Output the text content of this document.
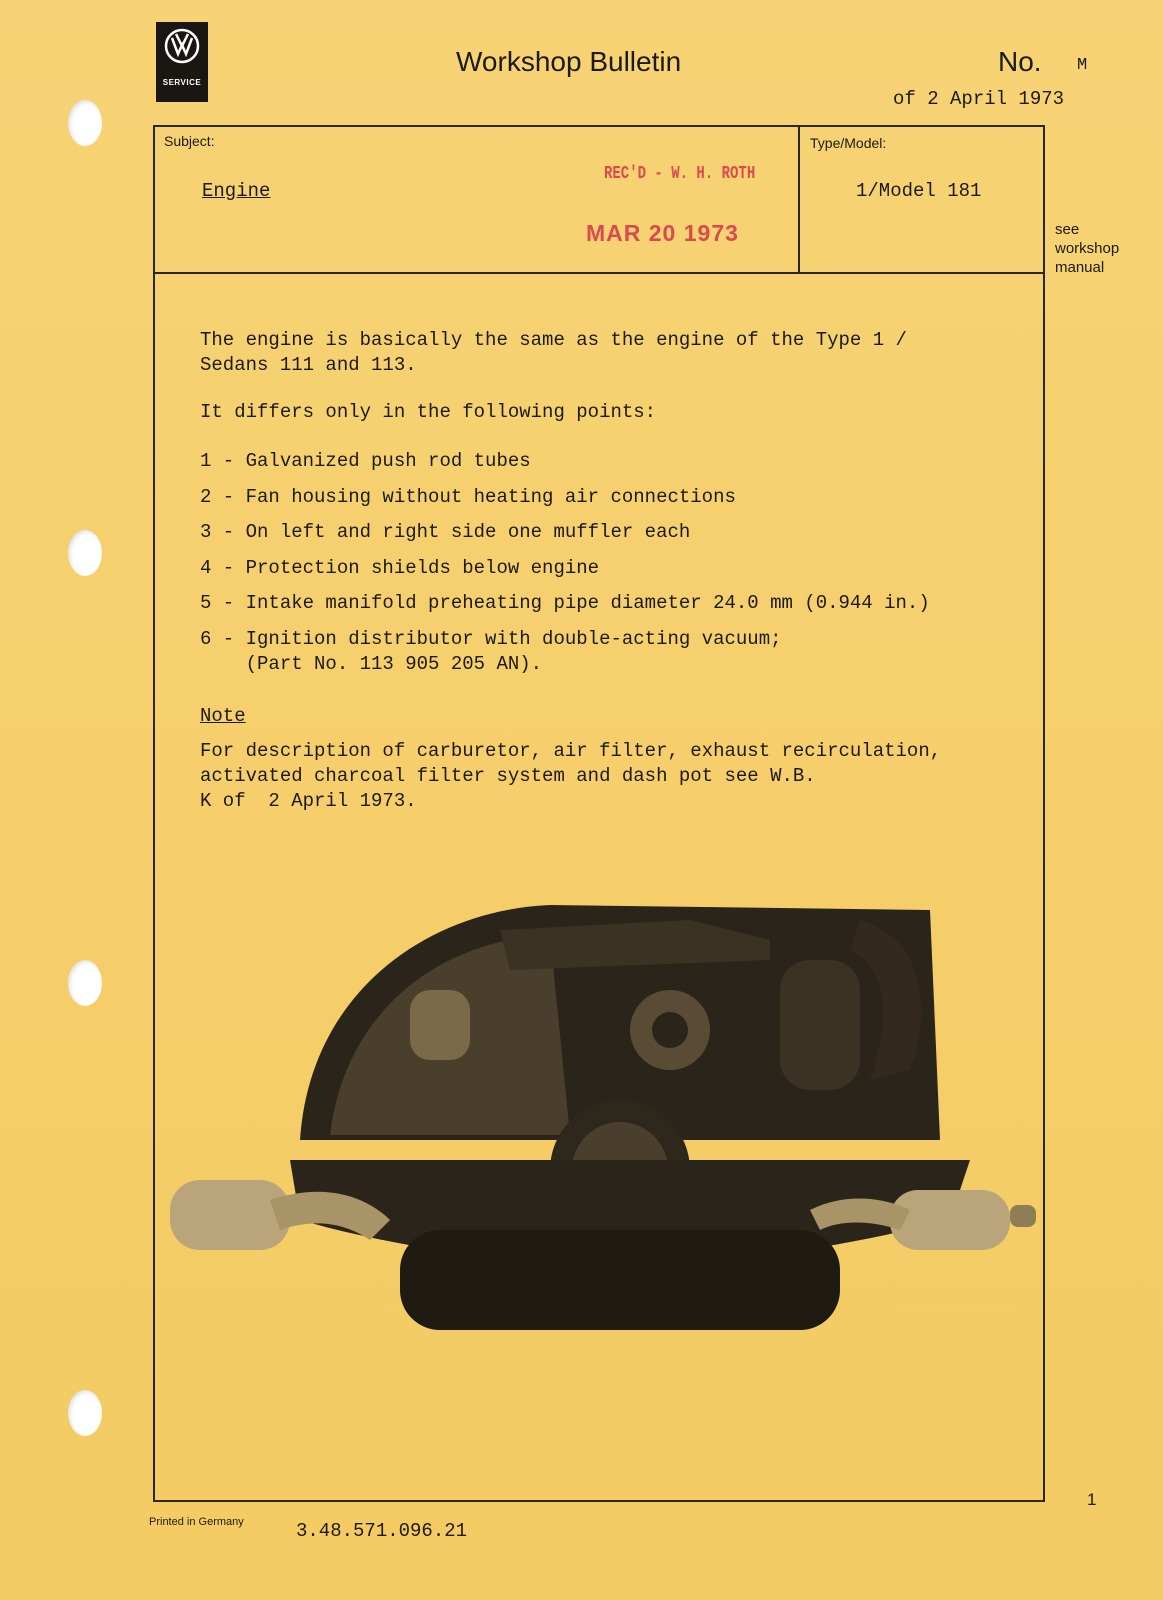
SERVICE
Workshop Bulletin	No. M
of 2 April 1973
Subject:
Engine
Type/Model:
1/Model 181
REC'D - W. H. ROTH
MAR 20 1973	see
workshop
manual
The engine is basically the same as the engine of the Type 1 /
Sedans 111 and 113.
It differs only in the following points:
1 - Galvanized push rod tubes
2 - Fan housing without heating air connections
3 - On left and right side one muffler each
4 - Protection shields below engine
5 - Intake manifold preheating pipe diameter 24.0 mm (0.944 in.)
6 - Ignition distributor with double-acting vacuum;
(Part No. 113 905 205 AN).
Note
For description of carburetor, air filter, exhaust recirculation,
activated charcoal filter system and dash pot see W.B.
K of  2 April 1973.
Printed in Germany	3.48.571.096.21
1
